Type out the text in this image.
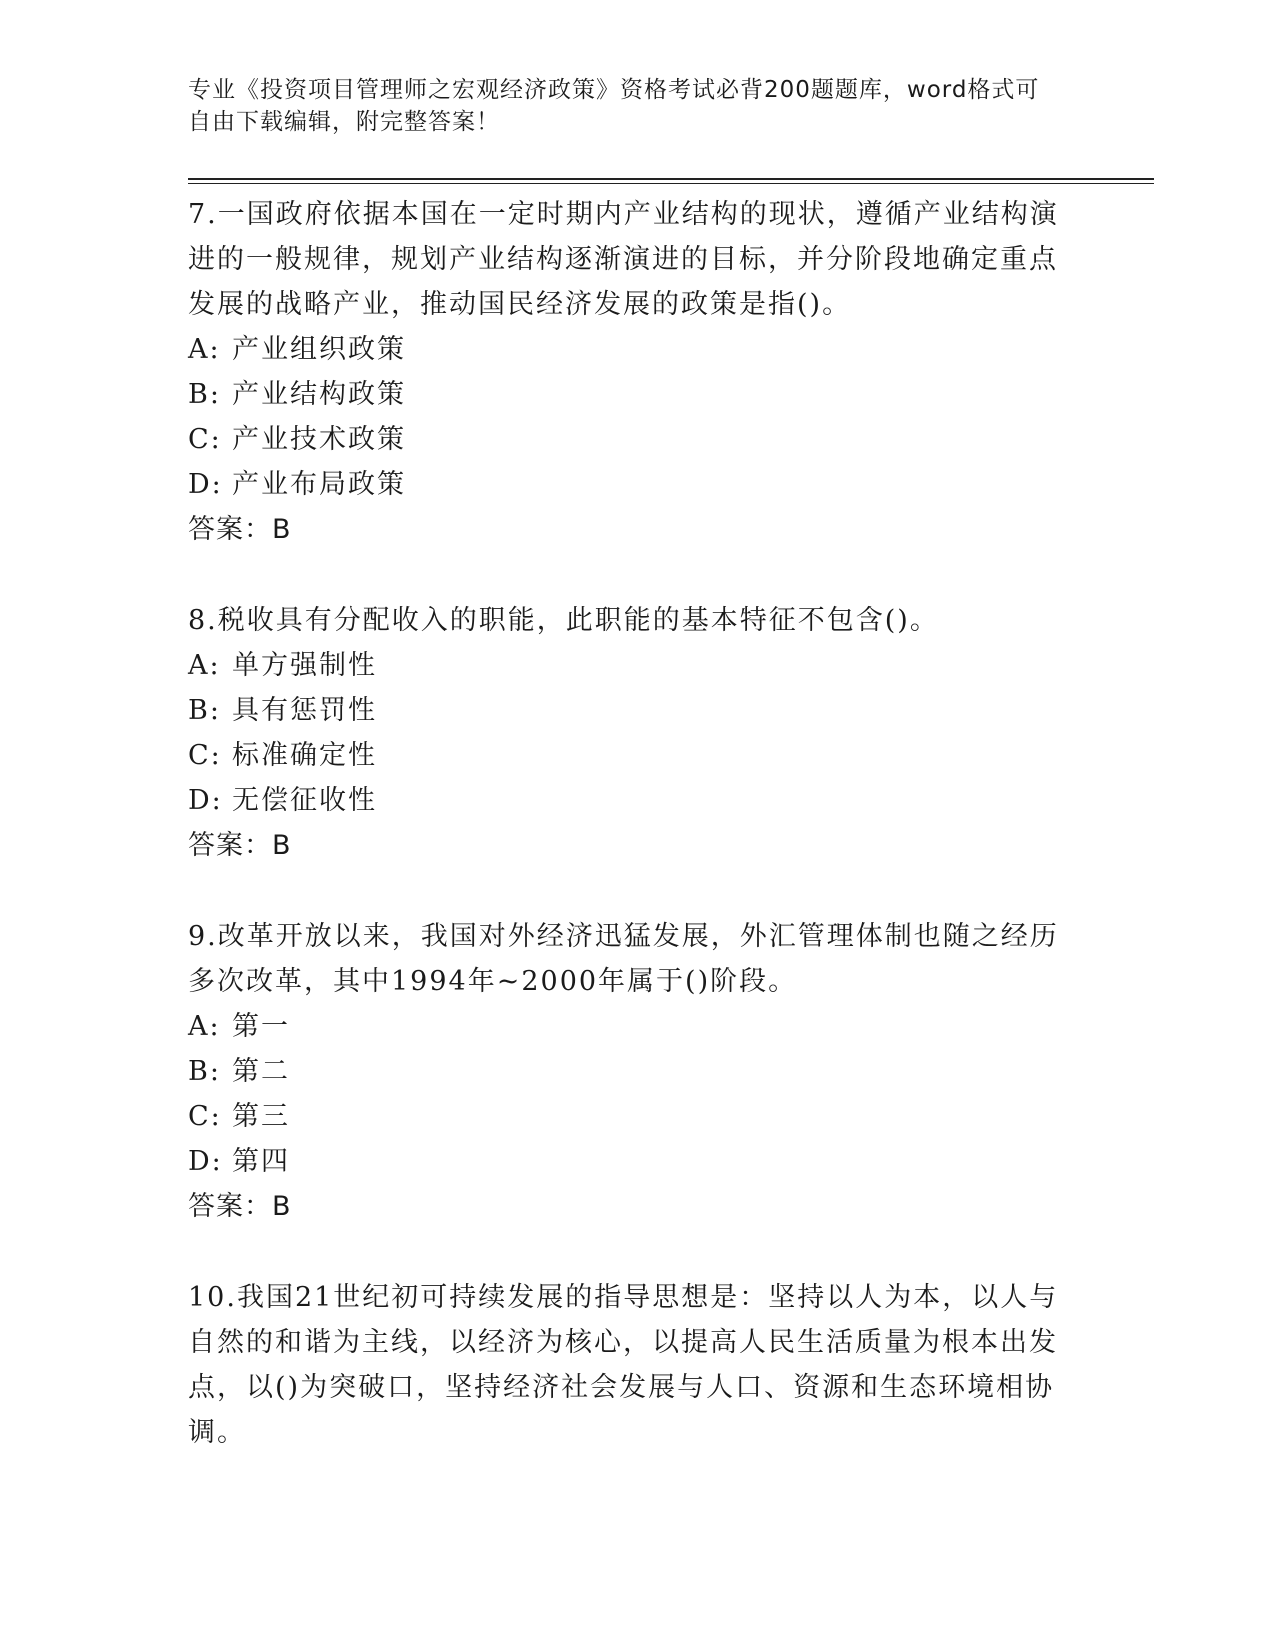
专业《投资项目管理师之宏观经济政策》资格考试必背200题题库，word格式可

自由下载编辑，附完整答案！

7.一国政府依据本国在一定时期内产业结构的现状，遵循产业结构演进的一般规律，规划产业结构逐渐演进的目标，并分阶段地确定重点发展的战略产业，推动国民经济发展的政策是指()。

A: 产业组织政策

B: 产业结构政策

C: 产业技术政策

D: 产业布局政策

答案：B

8.税收具有分配收入的职能，此职能的基本特征不包含()。

A: 单方强制性

B: 具有惩罚性

C: 标准确定性

D: 无偿征收性

答案：B

9.改革开放以来，我国对外经济迅猛发展，外汇管理体制也随之经历多次改革，其中1994年~2000年属于()阶段。

A: 第一

B: 第二

C: 第三

D: 第四

答案：B

10.我国21世纪初可持续发展的指导思想是：坚持以人为本，以人与自然的和谐为主线，以经济为核心，以提高人民生活质量为根本出发点，以()为突破口，坚持经济社会发展与人口、资源和生态环境相协调。
